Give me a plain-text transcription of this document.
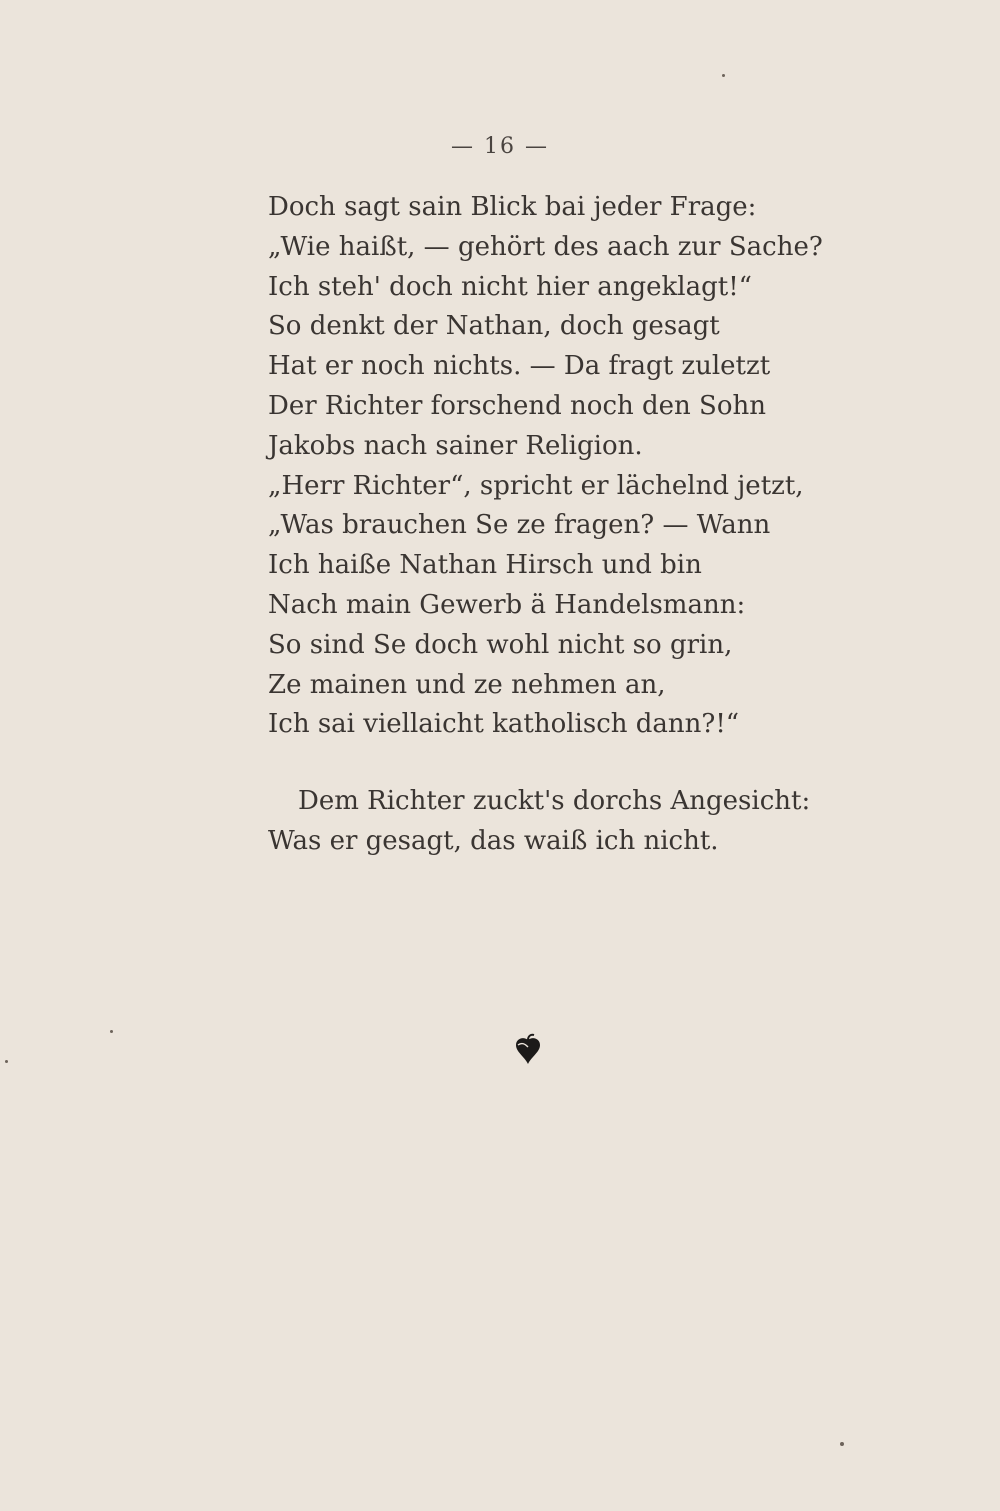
— 16 —
Doch sagt sain Blick bai jeder Frage:
„Wie haißt, — gehört des aach zur Sache?
Ich steh' doch nicht hier angeklagt!“
So denkt der Nathan, doch gesagt
Hat er noch nichts. — Da fragt zuletzt
Der Richter forschend noch den Sohn
Jakobs nach sainer Religion.
„Herr Richter“, spricht er lächelnd jetzt,
„Was brauchen Se ze fragen? — Wann
Ich haiße Nathan Hirsch und bin
Nach main Gewerb ä Handelsmann:
So sind Se doch wohl nicht so grin,
Ze mainen und ze nehmen an,
Ich sai viellaicht katholisch dann?!“
Dem Richter zuckt's dorchs Angesicht:
Was er gesagt, das waiß ich nicht.
